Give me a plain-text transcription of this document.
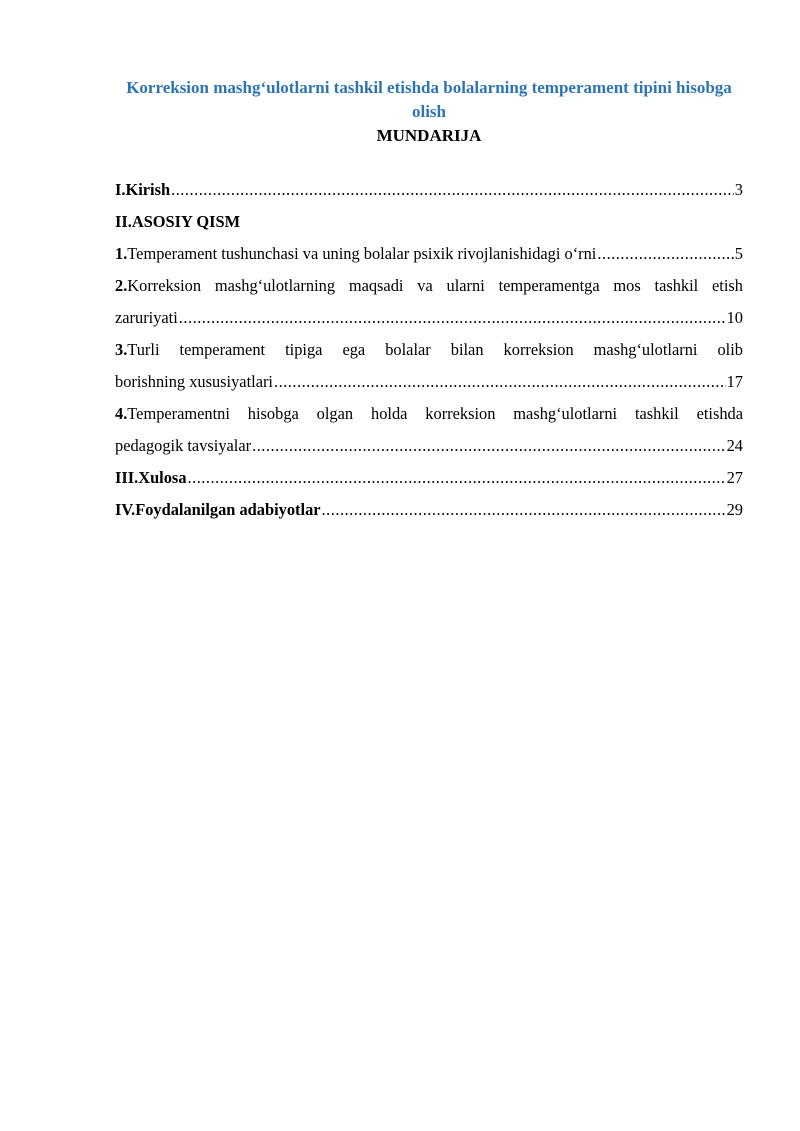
Korreksion mashg‘ulotlarni tashkil etishda bolalarning temperament tipini hisobga olish

MUNDARIJA

I.Kirish .....	3
II.ASOSIY QISM
1.Temperament tushunchasi va uning bolalar psixik rivojlanishidagi o‘rni .....	5
2.Korreksion mashg‘ulotlarning maqsadi va ularni temperamentga mos tashkil etish
zaruriyati .....	10
3.Turli temperament tipiga ega bolalar bilan korreksion mashg‘ulotlarni olib
borishning xususiyatlari .....	17
4.Temperamentni hisobga olgan holda korreksion mashg‘ulotlarni tashkil etishda
pedagogik tavsiyalar .....	24
III.Xulosa .....	27
IV.Foydalanilgan adabiyotlar .....	29
